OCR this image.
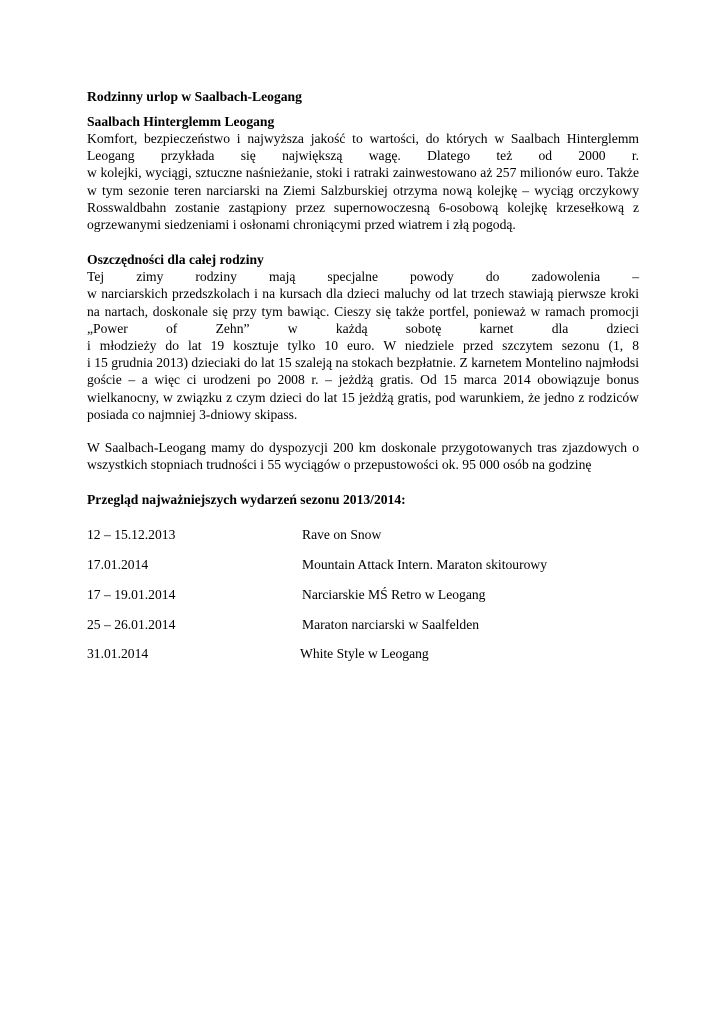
Rodzinny urlop w Saalbach-Leogang

Saalbach Hinterglemm Leogang

Komfort, bezpieczeństwo i najwyższa jakość to wartości, do których w Saalbach Hinterglemm
Leogang przykłada się największą wagę. Dlatego też od 2000 r.
w kolejki, wyciągi, sztuczne naśnieżanie, stoki i ratraki zainwestowano aż 257 milionów euro. Także
w tym sezonie teren narciarski na Ziemi Salzburskiej otrzyma nową kolejkę – wyciąg orczykowy
Rosswaldbahn zostanie zastąpiony przez supernowoczesną 6-osobową kolejkę krzesełkową z
ogrzewanymi siedzeniami i osłonami chroniącymi przed wiatrem i złą pogodą.

Oszczędności dla całej rodziny

Tej zimy rodziny mają specjalne powody do zadowolenia –
w narciarskich przedszkolach i na kursach dla dzieci maluchy od lat trzech stawiają pierwsze kroki
na nartach, doskonale się przy tym bawiąc. Cieszy się także portfel, ponieważ w ramach promocji
„Power of Zehn” w każdą sobotę karnet dla dzieci
i młodzieży do lat 19 kosztuje tylko 10 euro. W niedziele przed szczytem sezonu (1, 8
i 15 grudnia 2013) dzieciaki do lat 15 szaleją na stokach bezpłatnie. Z karnetem Montelino najmłodsi
goście – a więc ci urodzeni po 2008 r. – jeżdżą gratis. Od 15 marca 2014 obowiązuje bonus
wielkanocny, w związku z czym dzieci do lat 15 jeżdżą gratis, pod warunkiem, że jedno z rodziców
posiada co najmniej 3-dniowy skipass.
W Saalbach-Leogang mamy do dyspozycji 200 km doskonale przygotowanych tras zjazdowych o
wszystkich stopniach trudności i 55 wyciągów o przepustowości ok. 95 000 osób na godzinę

Przegląd najważniejszych wydarzeń sezonu 2013/2014:

12 – 15.12.2013	Rave on Snow
17.01.2014	Mountain Attack Intern. Maraton skitourowy
17 – 19.01.2014	Narciarskie MŚ Retro w Leogang
25 – 26.01.2014	Maraton narciarski w Saalfelden
31.01.2014	White Style w Leogang
